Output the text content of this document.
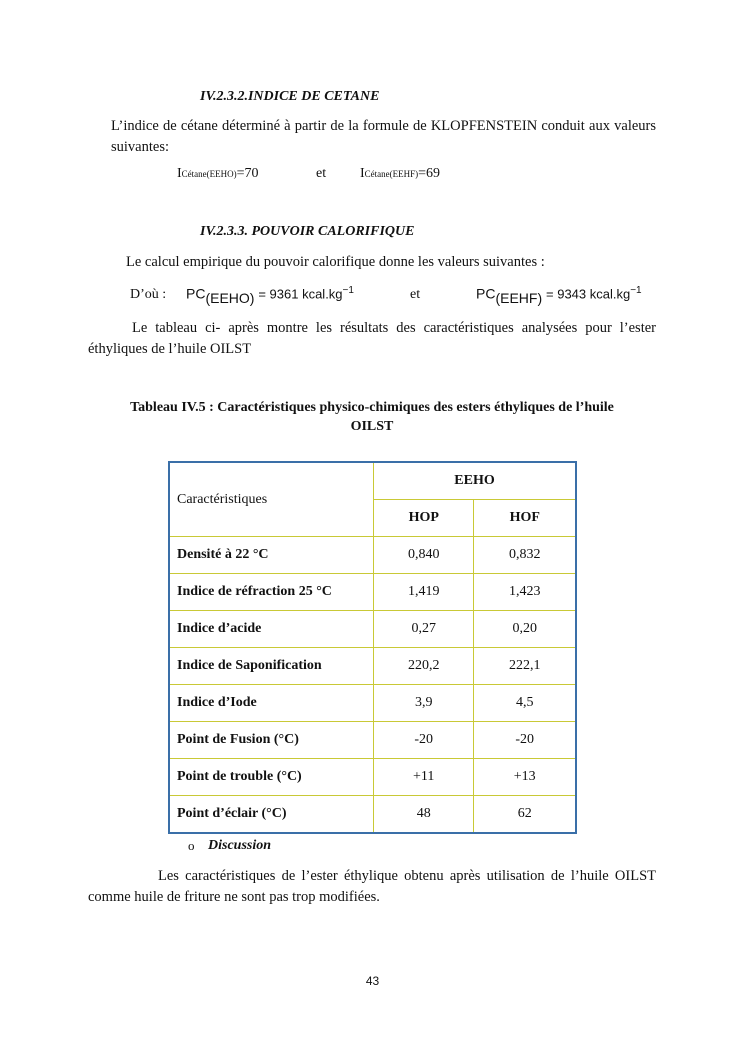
IV.2.3.2.INDICE DE CETANE
L’indice de cétane déterminé à partir de la formule de KLOPFENSTEIN conduit aux valeurs suivantes:
ICétane(EEHO)=70	et ICétane(EEHF)=69
IV.2.3.3. POUVOIR CALORIFIQUE
Le calcul empirique du pouvoir calorifique donne les valeurs suivantes :
D’où : PC(EEHO) = 9361 $kcal.kg^{-1}$	et	PC(EEHF) = 9343 $kcal.kg^{-1}$
Le tableau ci- après montre les résultats des caractéristiques analysées pour l’ester éthyliques de l’huile OILST
Tableau IV.5 : Caractéristiques physico-chimiques des esters éthyliques de l’huile
OILST
Caractéristiques	EEHO	
	HOP	HOF
Densité à 22 °C	0,840	0,832
Indice de réfraction 25 °C	1,419	1,423
Indice d’acide	0,27	0,20
Indice de Saponification	220,2	222,1
Indice d’Iode	3,9	4,5
Point de Fusion (°C)	-20	-20
Point de trouble (°C)	+11	+13
Point d’éclair (°C)	48	62
o Discussion
Les caractéristiques de l’ester éthylique obtenu après utilisation de l’huile OILST comme huile de friture ne sont pas trop modifiées.
43
